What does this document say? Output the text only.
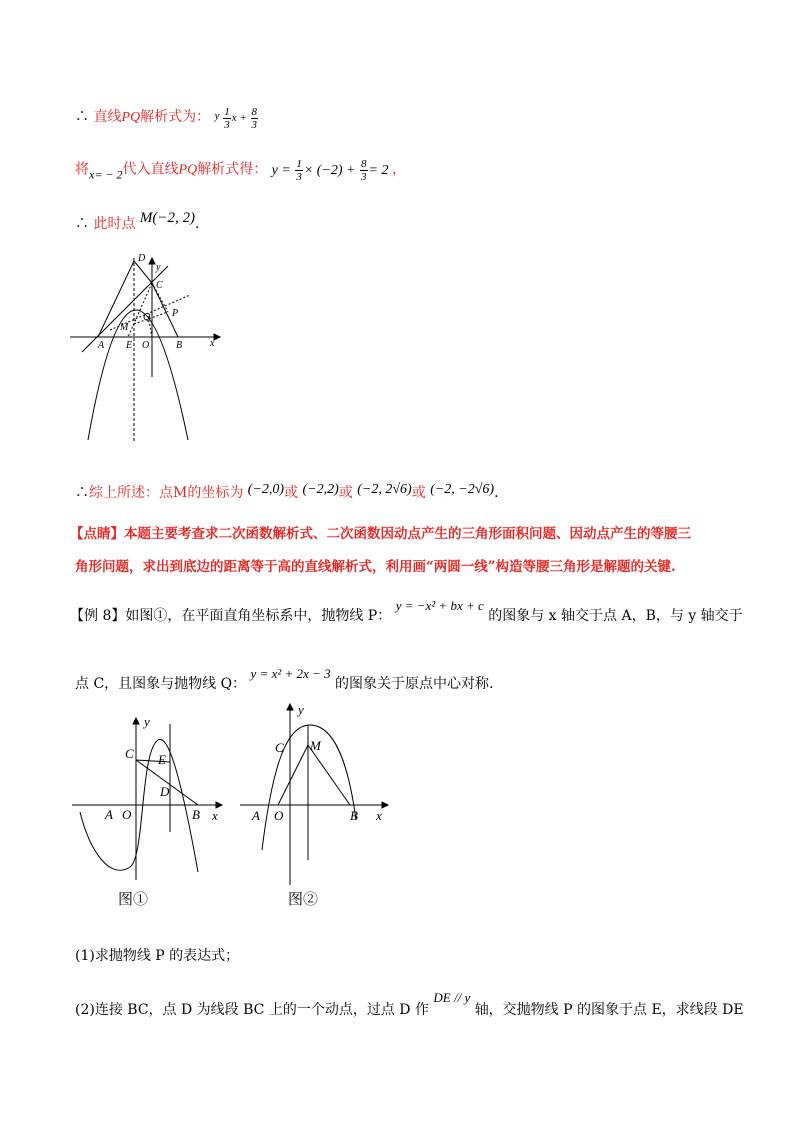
∴ 直线PQ解析式为： y $\frac{1}{3}$ $x + \frac{8}{3}$
将x= − 2代入直线PQ解析式得： $y = \frac{1}{3} \times (-2) + \frac{8}{3} = 2$ ，
∴ 此时点 M(−2, 2).
D
y
C
Q P
M
A E O	B	x
∴综上所述：点M的坐标为 (−2,0)或 (−2,2)或 (−2, 2√6)或 (−2, −2√6).
【点睛】本题主要考查求二次函数解析式、二次函数因动点产生的三角形面积问题、因动点产生的等腰三
角形问题，求出到底边的距离等于高的直线解析式，利用画“两圆一线”构造等腰三角形是解题的关键.
【例 8】如图①，在平面直角坐标系中，抛物线 P： y = −x² + bx + c 的图象与 x 轴交于点 A，B，与 y 轴交于
点 C，且图象与抛物线 Q： y = x² + 2x − 3 的图象关于原点中心对称.
y
C E
D
A O	B x
图①
y
C M
A O	B x
图②
(1)求抛物线 P 的表达式；
(2)连接 BC，点 D 为线段 BC 上的一个动点，过点 D 作 DE // y 轴，交抛物线 P 的图象于点 E，求线段 DE
